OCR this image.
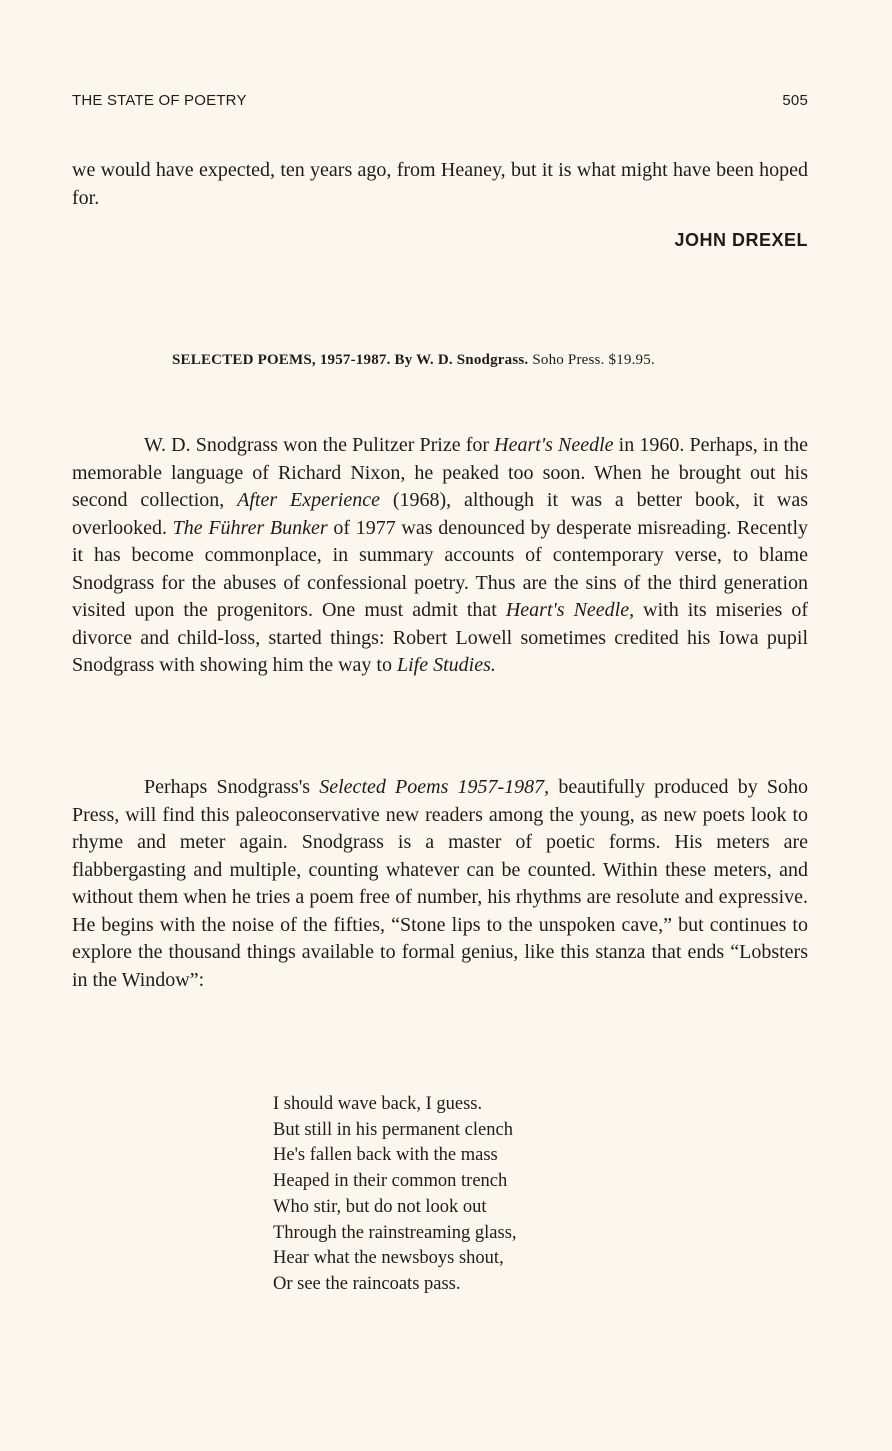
THE STATE OF POETRY	505

we would have expected, ten years ago, from Heaney, but it is what might have been hoped for.

JOHN DREXEL
SELECTED POEMS, 1957-1987. By W. D. Snodgrass. Soho Press. $19.95.

W. D. Snodgrass won the Pulitzer Prize for Heart's Needle in 1960. Perhaps, in the memorable language of Richard Nixon, he peaked too soon. When he brought out his second collection, After Experience (1968), although it was a better book, it was overlooked. The Führer Bunker of 1977 was denounced by desperate misreading. Recently it has become commonplace, in summary accounts of contemporary verse, to blame Snodgrass for the abuses of confessional poetry. Thus are the sins of the third generation visited upon the progenitors. One must admit that Heart's Needle, with its miseries of divorce and child-loss, started things: Robert Lowell sometimes credited his Iowa pupil Snodgrass with showing him the way to Life Studies.

Perhaps Snodgrass's Selected Poems 1957-1987, beautifully produced by Soho Press, will find this paleoconservative new readers among the young, as new poets look to rhyme and meter again. Snodgrass is a master of poetic forms. His meters are flabbergasting and multiple, counting whatever can be counted. Within these meters, and without them when he tries a poem free of number, his rhythms are resolute and expressive. He begins with the noise of the fifties, “Stone lips to the unspoken cave,” but continues to explore the thousand things available to formal genius, like this stanza that ends “Lobsters in the Window”:

I should wave back, I guess.
But still in his permanent clench
He's fallen back with the mass
Heaped in their common trench
Who stir, but do not look out
Through the rainstreaming glass,
Hear what the newsboys shout,
Or see the raincoats pass.
